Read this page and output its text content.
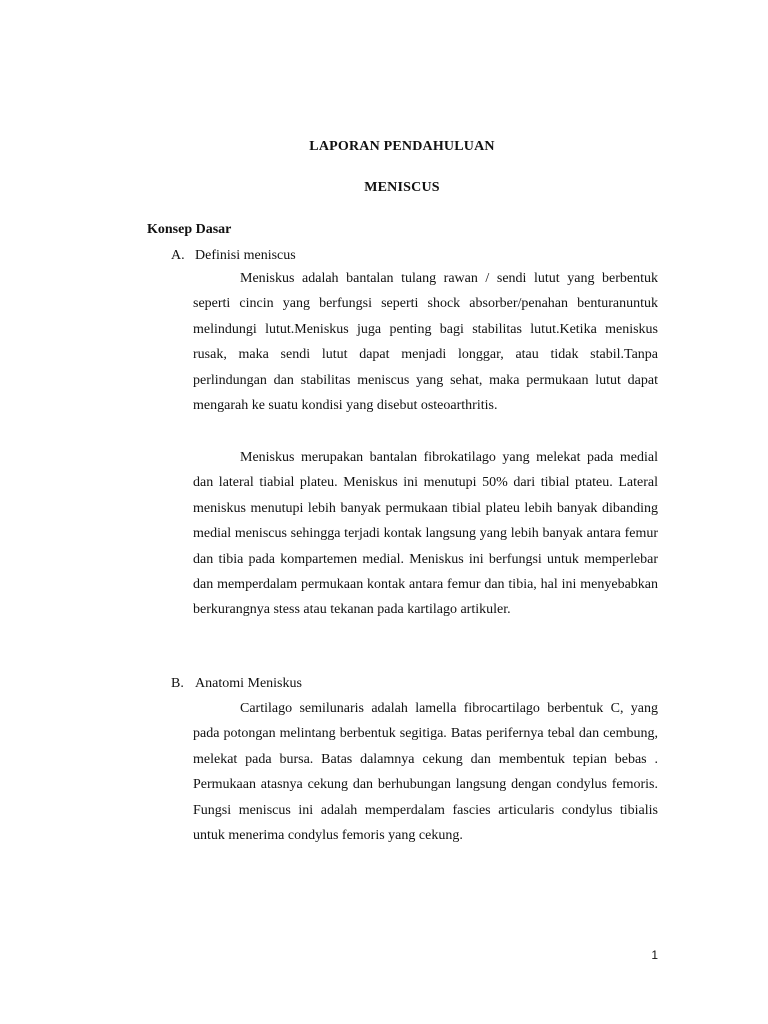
LAPORAN PENDAHULUAN
MENISCUS
Konsep Dasar
A. Definisi meniscus

Meniskus adalah bantalan tulang rawan / sendi lutut yang berbentuk seperti cincin yang berfungsi seperti shock absorber/penahan benturanuntuk melindungi lutut.Meniskus juga penting bagi stabilitas lutut.Ketika meniskus rusak, maka sendi lutut dapat menjadi longgar, atau tidak stabil.Tanpa perlindungan dan stabilitas meniscus yang sehat, maka permukaan lutut dapat mengarah ke suatu kondisi yang disebut osteoarthritis.

Meniskus merupakan bantalan fibrokatilago yang melekat pada medial dan lateral tiabial plateu. Meniskus ini menutupi 50% dari tibial ptateu. Lateral meniskus menutupi lebih banyak permukaan tibial plateu lebih banyak dibanding medial meniscus sehingga terjadi kontak langsung yang lebih banyak antara femur dan tibia pada kompartemen medial. Meniskus ini berfungsi untuk memperlebar dan memperdalam permukaan kontak antara femur dan tibia, hal ini menyebabkan berkurangnya stess atau tekanan pada kartilago artikuler.

B. Anatomi Meniskus

Cartilago semilunaris adalah lamella fibrocartilago berbentuk C, yang pada potongan melintang berbentuk segitiga. Batas perifernya tebal dan cembung, melekat pada bursa. Batas dalamnya cekung dan membentuk tepian bebas . Permukaan atasnya cekung dan berhubungan langsung dengan condylus femoris. Fungsi meniscus ini adalah memperdalam fascies articularis condylus tibialis untuk menerima condylus femoris yang cekung.

1
